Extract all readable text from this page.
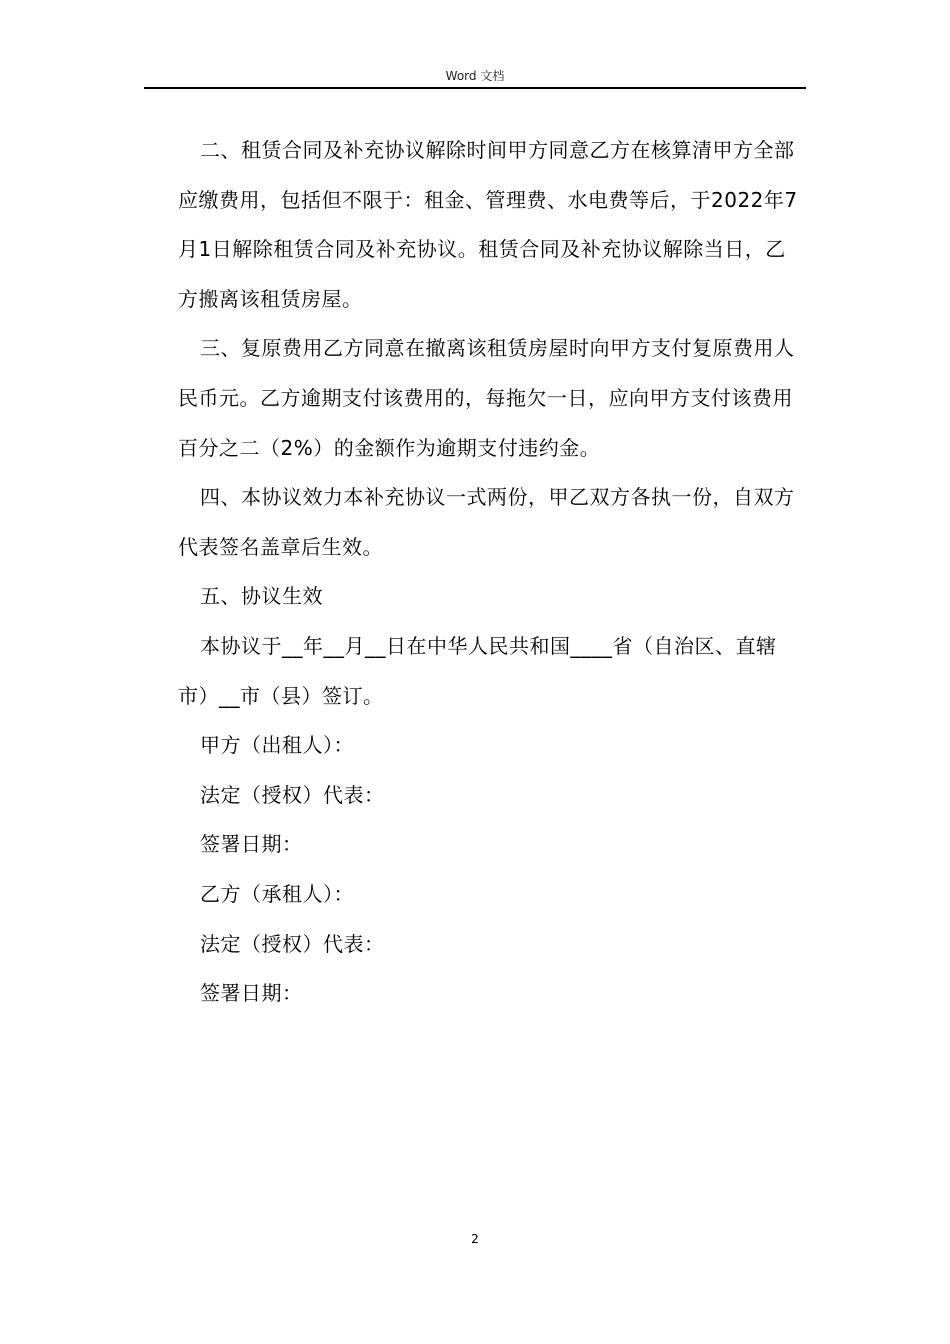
Word 文档

二、租赁合同及补充协议解除时间甲方同意乙方在核算清甲方全部应缴费用，包括但不限于：租金、管理费、水电费等后，于2022年7月1日解除租赁合同及补充协议。租赁合同及补充协议解除当日，乙方搬离该租赁房屋。

三、复原费用乙方同意在撤离该租赁房屋时向甲方支付复原费用人民币元。乙方逾期支付该费用的，每拖欠一日，应向甲方支付该费用百分之二（2%）的金额作为逾期支付违约金。

四、本协议效力本补充协议一式两份，甲乙双方各执一份，自双方代表签名盖章后生效。

五、协议生效

本协议于__年__月__日在中华人民共和国____省（自治区、直辖市）__市（县）签订。

甲方（出租人）：

法定（授权）代表：

签署日期：

乙方（承租人）：

法定（授权）代表：

签署日期：

2
